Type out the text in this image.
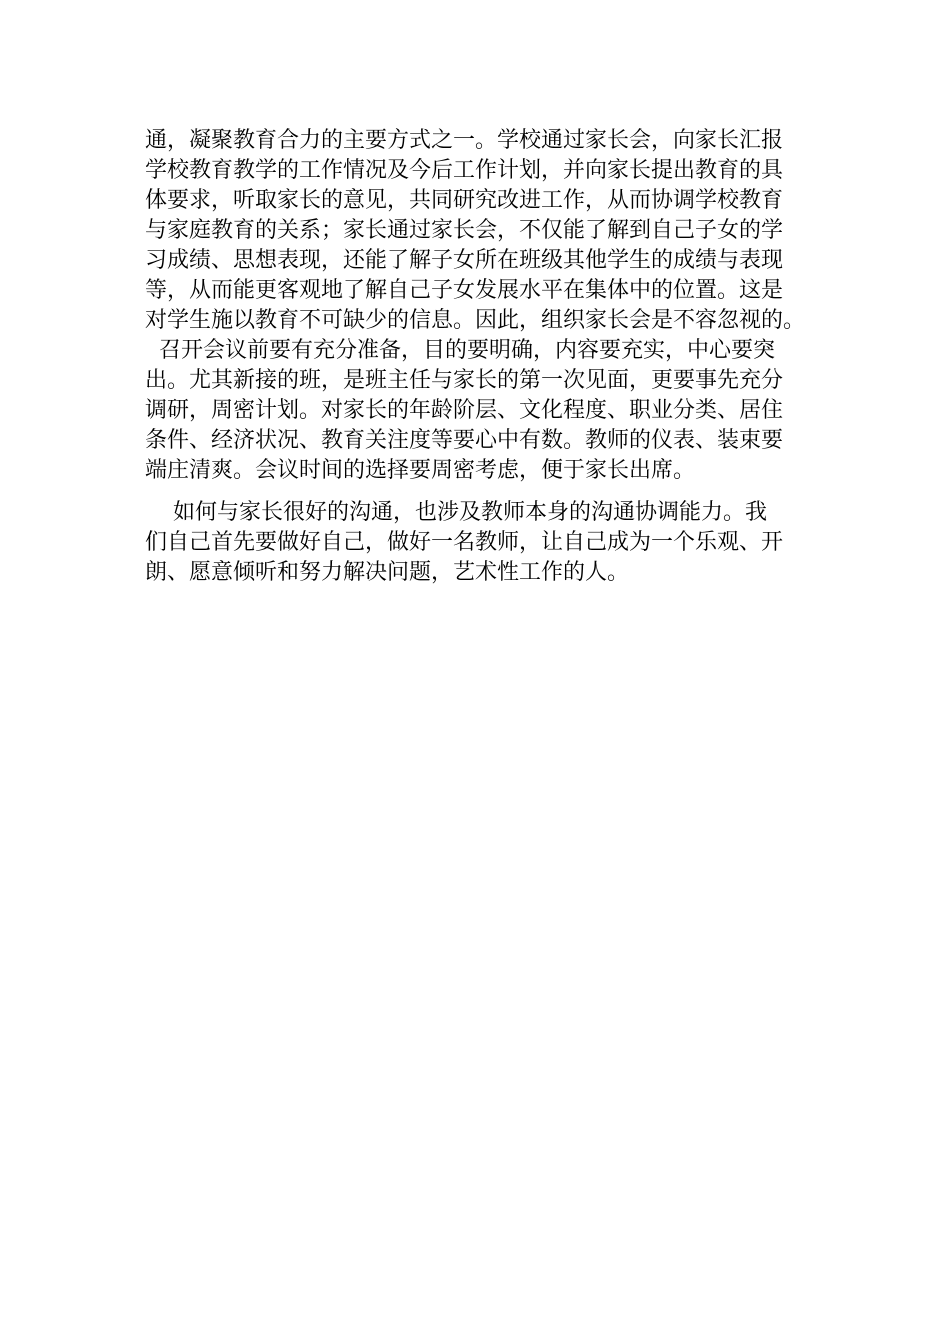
通，凝聚教育合力的主要方式之一。学校通过家长会，向家长汇报
学校教育教学的工作情况及今后工作计划，并向家长提出教育的具
体要求，听取家长的意见，共同研究改进工作，从而协调学校教育
与家庭教育的关系；家长通过家长会，不仅能了解到自己子女的学
习成绩、思想表现，还能了解子女所在班级其他学生的成绩与表现
等，从而能更客观地了解自己子女发展水平在集体中的位置。这是
对学生施以教育不可缺少的信息。因此，组织家长会是不容忽视的。
召开会议前要有充分准备，目的要明确，内容要充实，中心要突
出。尤其新接的班，是班主任与家长的第一次见面，更要事先充分
调研，周密计划。对家长的年龄阶层、文化程度、职业分类、居住
条件、经济状况、教育关注度等要心中有数。教师的仪表、装束要
端庄清爽。会议时间的选择要周密考虑，便于家长出席。
如何与家长很好的沟通，也涉及教师本身的沟通协调能力。我
们自己首先要做好自己，做好一名教师，让自己成为一个乐观、开
朗、愿意倾听和努力解决问题，艺术性工作的人。
